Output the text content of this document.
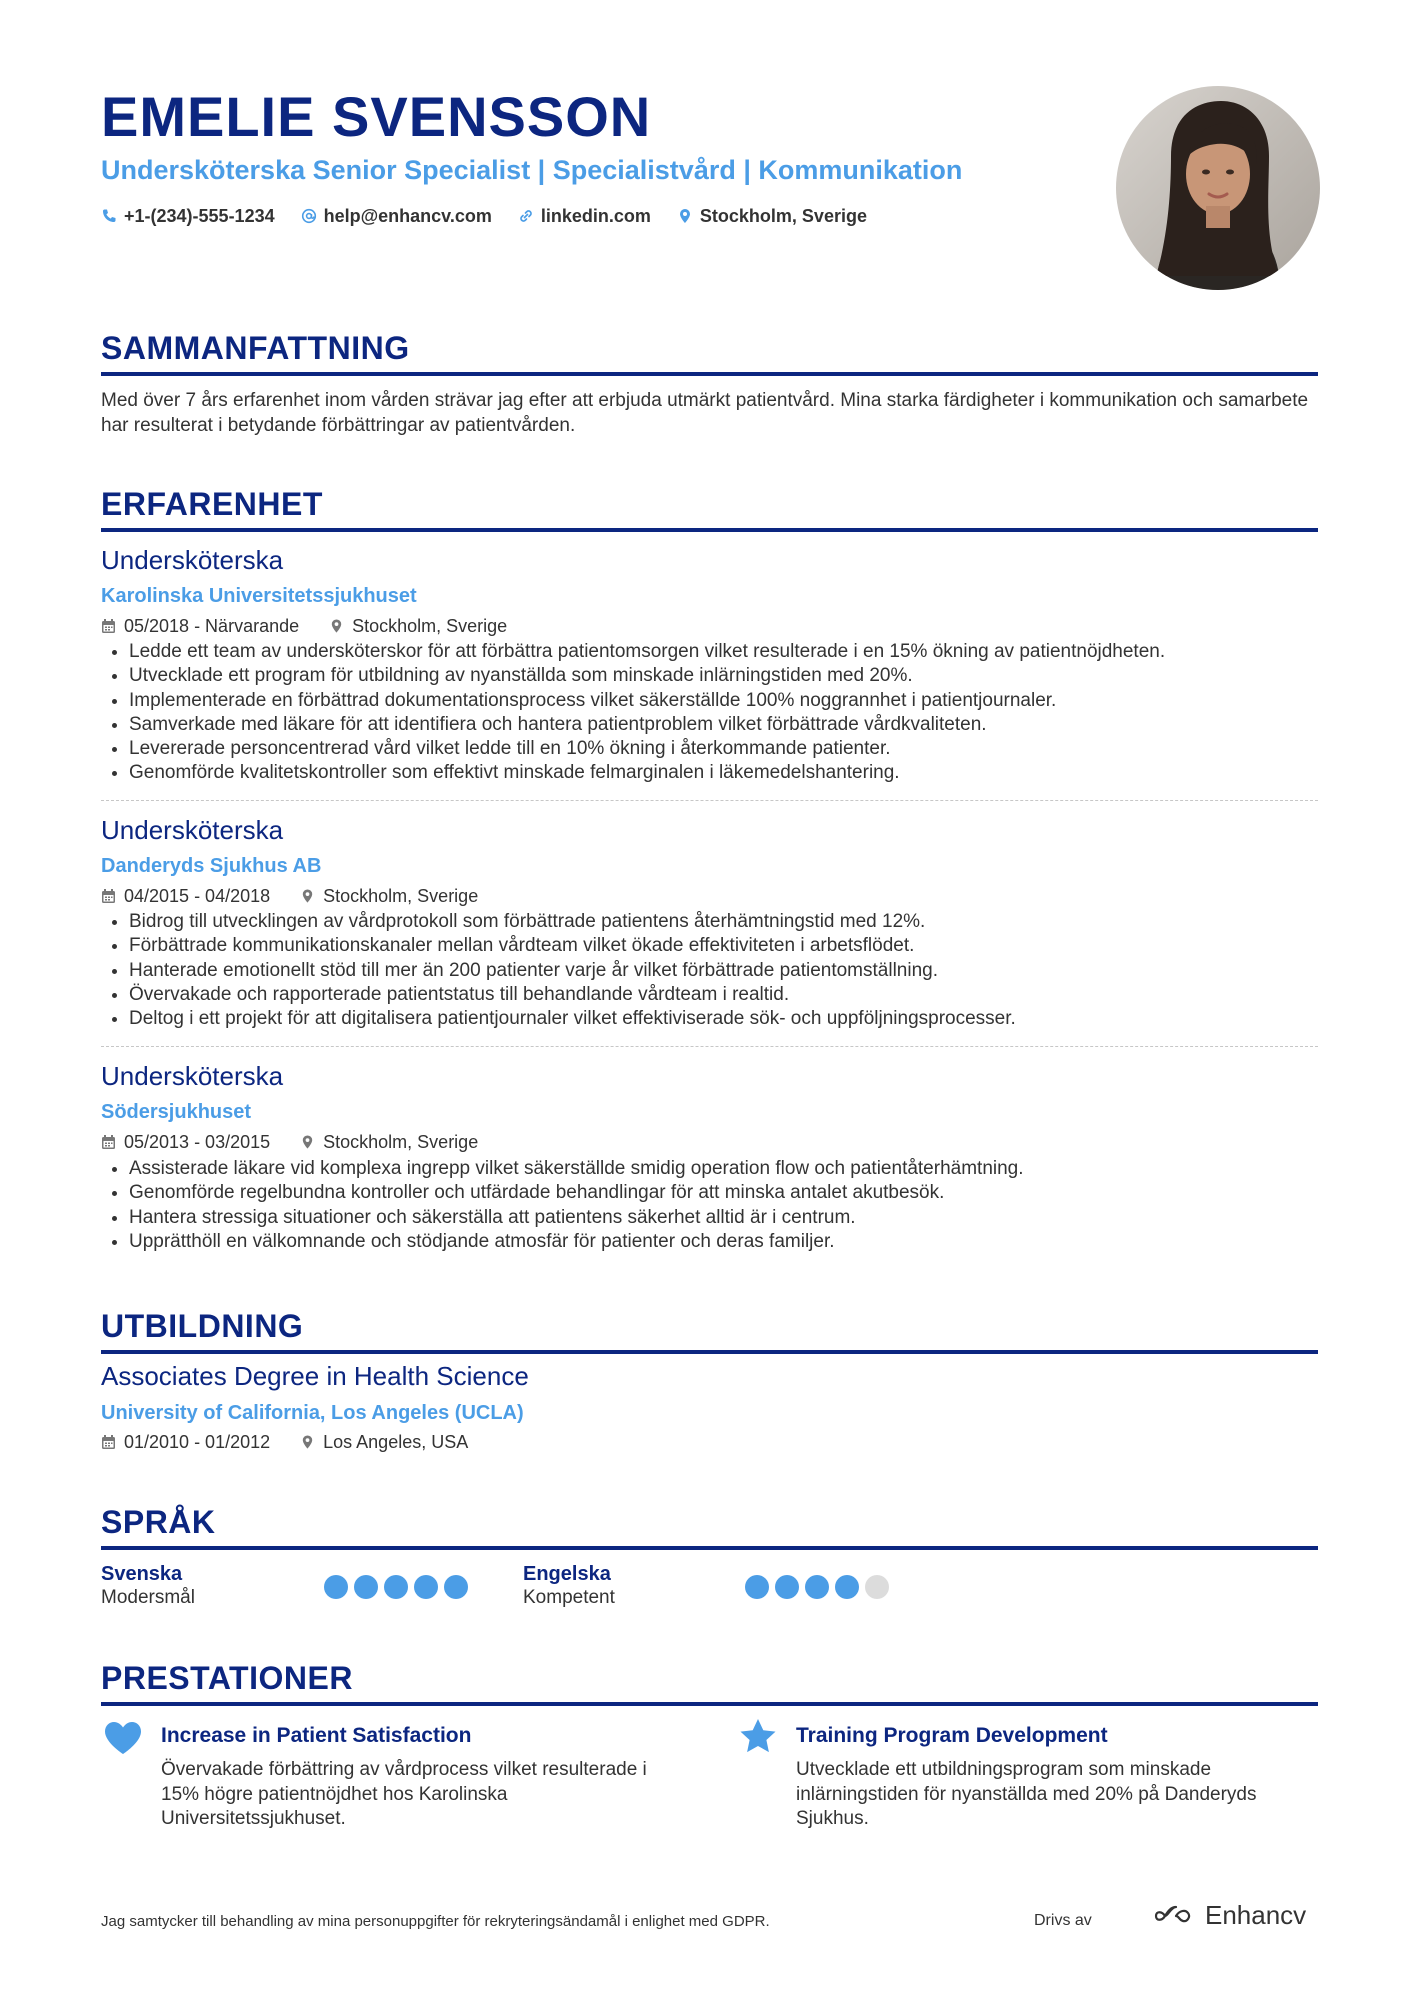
EMELIE SVENSSON
Undersköterska Senior Specialist | Specialistvård | Kommunikation
+1-(234)-555-1234	help@enhancv.com	linkedin.com	Stockholm, Sverige
SAMMANFATTNING
Med över 7 års erfarenhet inom vården strävar jag efter att erbjuda utmärkt patientvård. Mina starka färdigheter i kommunikation och samarbete har resulterat i betydande förbättringar av patientvården.
ERFARENHET
Undersköterska
Karolinska Universitetssjukhuset
05/2018 - Närvarande	Stockholm, Sverige
• Ledde ett team av undersköterskor för att förbättra patientomsorgen vilket resulterade i en 15% ökning av patientnöjdheten.
• Utvecklade ett program för utbildning av nyanställda som minskade inlärningstiden med 20%.
• Implementerade en förbättrad dokumentationsprocess vilket säkerställde 100% noggrannhet i patientjournaler.
• Samverkade med läkare för att identifiera och hantera patientproblem vilket förbättrade vårdkvaliteten.
• Levererade personcentrerad vård vilket ledde till en 10% ökning i återkommande patienter.
• Genomförde kvalitetskontroller som effektivt minskade felmarginalen i läkemedelshantering.
Undersköterska
Danderyds Sjukhus AB
04/2015 - 04/2018	Stockholm, Sverige
• Bidrog till utvecklingen av vårdprotokoll som förbättrade patientens återhämtningstid med 12%.
• Förbättrade kommunikationskanaler mellan vårdteam vilket ökade effektiviteten i arbetsflödet.
• Hanterade emotionellt stöd till mer än 200 patienter varje år vilket förbättrade patientomställning.
• Övervakade och rapporterade patientstatus till behandlande vårdteam i realtid.
• Deltog i ett projekt för att digitalisera patientjournaler vilket effektiviserade sök- och uppföljningsprocesser.
Undersköterska
Södersjukhuset
05/2013 - 03/2015	Stockholm, Sverige
• Assisterade läkare vid komplexa ingrepp vilket säkerställde smidig operation flow och patientåterhämtning.
• Genomförde regelbundna kontroller och utfärdade behandlingar för att minska antalet akutbesök.
• Hantera stressiga situationer och säkerställa att patientens säkerhet alltid är i centrum.
• Upprätthöll en välkomnande och stödjande atmosfär för patienter och deras familjer.
UTBILDNING
Associates Degree in Health Science
University of California, Los Angeles (UCLA)
01/2010 - 01/2012	Los Angeles, USA
SPRÅK
Svenska
Modersmål
Engelska
Kompetent
PRESTATIONER
Increase in Patient Satisfaction
Övervakade förbättring av vårdprocess vilket resulterade i 15% högre patientnöjdhet hos Karolinska Universitetssjukhuset.
Training Program Development
Utvecklade ett utbildningsprogram som minskade inlärningstiden för nyanställda med 20% på Danderyds Sjukhus.
Jag samtycker till behandling av mina personuppgifter för rekryteringsändamål i enlighet med GDPR.	Drivs av	Enhancv
